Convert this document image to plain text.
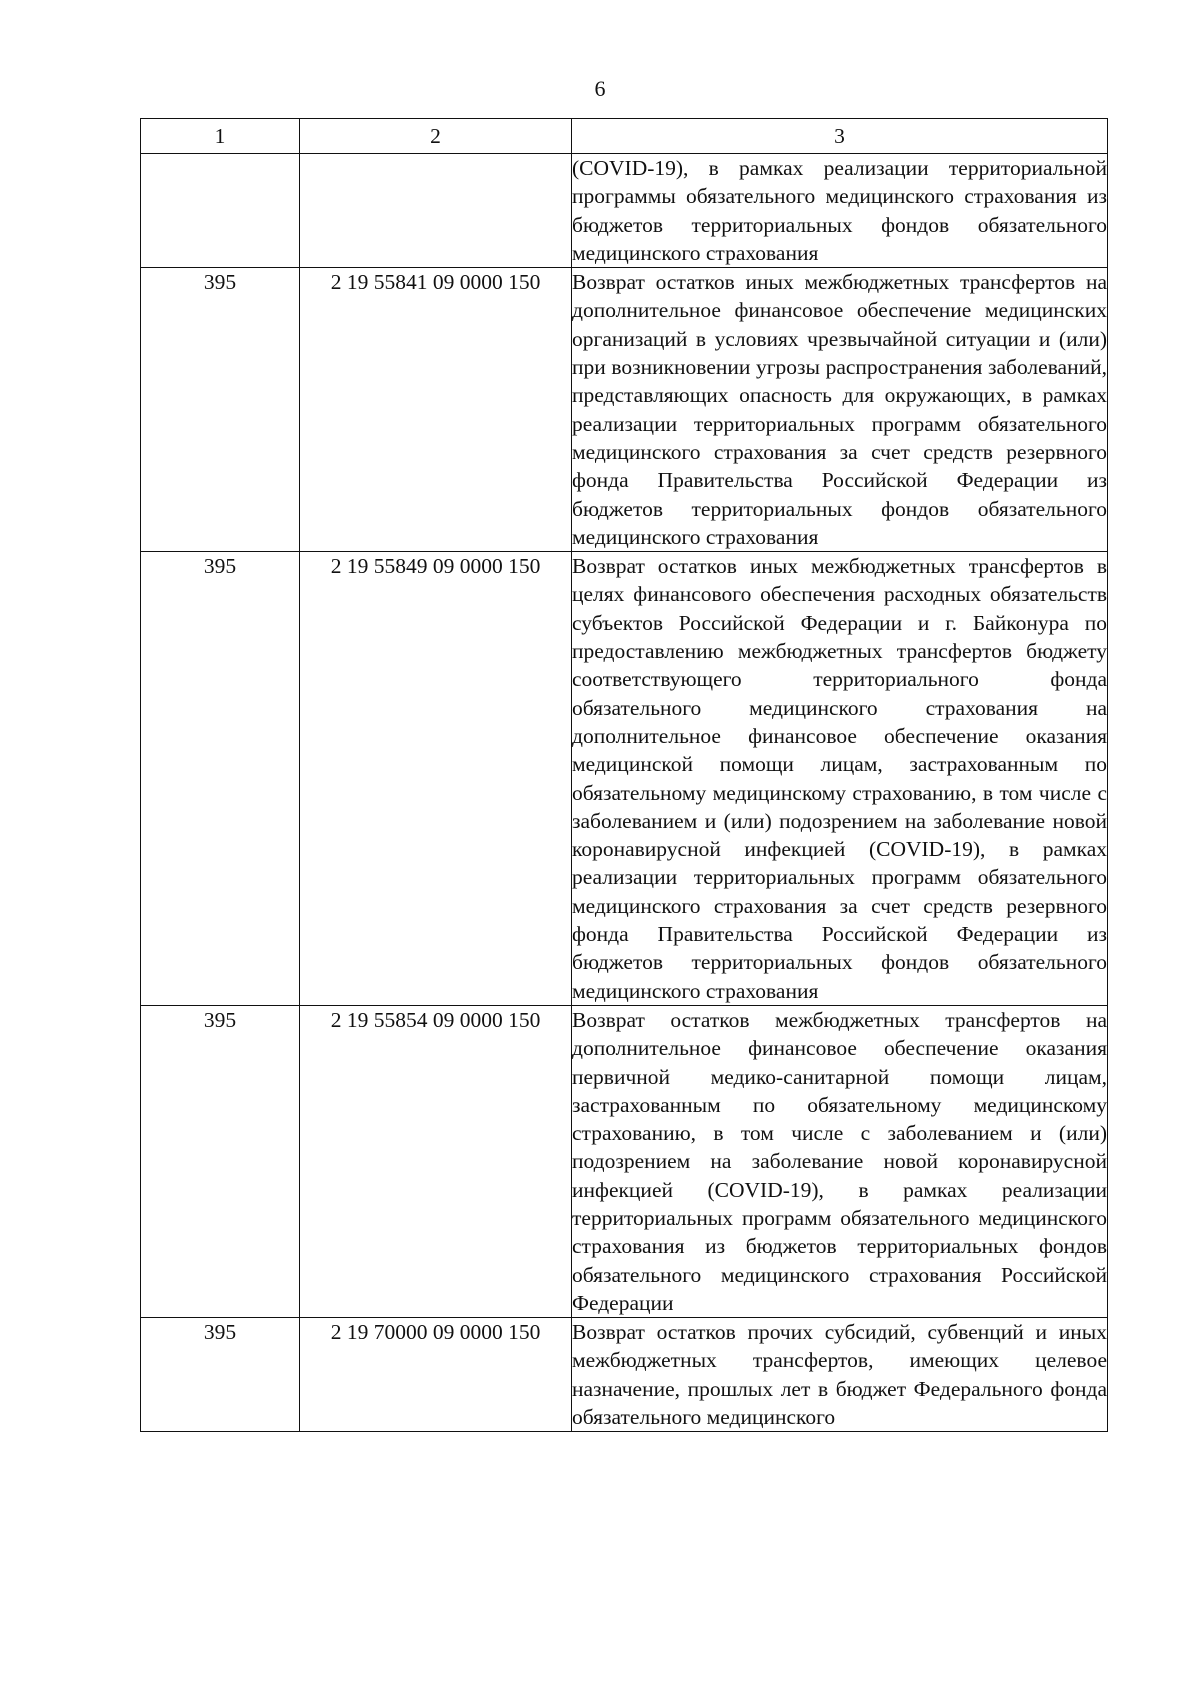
6
1	2	3
		(COVID-19), в рамках реализации территориальной программы обязательного медицинского страхования из бюджетов территориальных фондов обязательного медицинского страхования
395	2 19 55841 09 0000 150	Возврат остатков иных межбюджетных трансфертов на дополнительное финансовое обеспечение медицинских организаций в условиях чрезвычайной ситуации и (или) при возникновении угрозы распространения заболеваний, представляющих опасность для окружающих, в рамках реализации территориальных программ обязательного медицинского страхования за счет средств резервного фонда Правительства Российской Федерации из бюджетов территориальных фондов обязательного медицинского страхования
395	2 19 55849 09 0000 150	Возврат остатков иных межбюджетных трансфертов в целях финансового обеспечения расходных обязательств субъектов Российской Федерации и г. Байконура по предоставлению межбюджетных трансфертов бюджету соответствующего территориального фонда обязательного медицинского страхования на дополнительное финансовое обеспечение оказания медицинской помощи лицам, застрахованным по обязательному медицинскому страхованию, в том числе с заболеванием и (или) подозрением на заболевание новой коронавирусной инфекцией (COVID-19), в рамках реализации территориальных программ обязательного медицинского страхования за счет средств резервного фонда Правительства Российской Федерации из бюджетов территориальных фондов обязательного медицинского страхования
395	2 19 55854 09 0000 150	Возврат остатков межбюджетных трансфертов на дополнительное финансовое обеспечение оказания первичной медико-санитарной помощи лицам, застрахованным по обязательному медицинскому страхованию, в том числе с заболеванием и (или) подозрением на заболевание новой коронавирусной инфекцией (COVID-19), в рамках реализации территориальных программ обязательного медицинского страхования из бюджетов территориальных фондов обязательного медицинского страхования Российской Федерации
395	2 19 70000 09 0000 150	Возврат остатков прочих субсидий, субвенций и иных межбюджетных трансфертов, имеющих целевое назначение, прошлых лет в бюджет Федерального фонда обязательного медицинского
